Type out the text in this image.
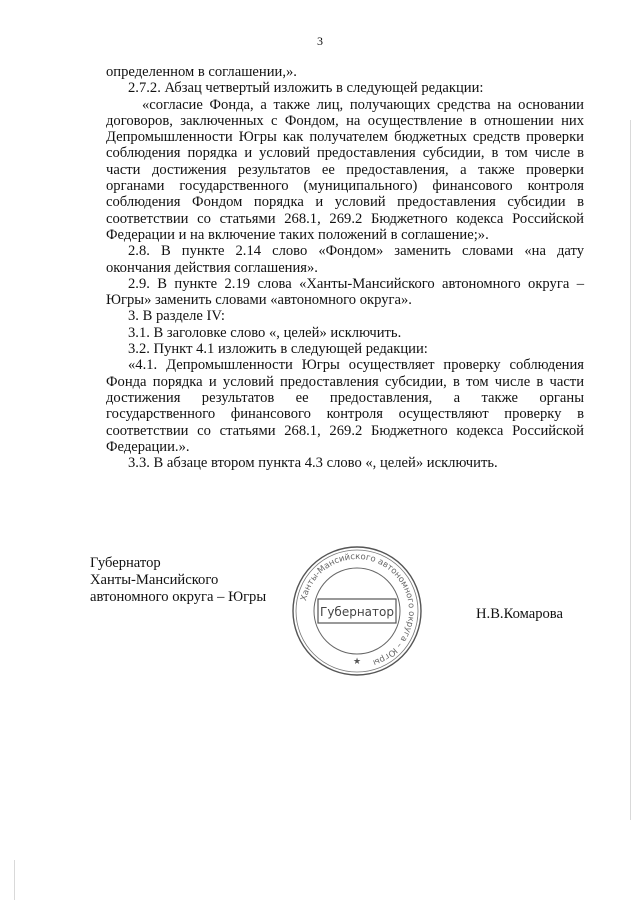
3

определенном в соглашении,».

2.7.2. Абзац четвертый изложить в следующей редакции:

«согласие Фонда, а также лиц, получающих средства на основании договоров, заключенных с Фондом, на осуществление в отношении них Депромышленности Югры как получателем бюджетных средств проверки соблюдения порядка и условий предоставления субсидии, в том числе в части достижения результатов ее предоставления, а также проверки органами государственного (муниципального) финансового контроля соблюдения Фондом порядка и условий предоставления субсидии в соответствии со статьями 268.1, 269.2 Бюджетного кодекса Российской Федерации и на включение таких положений в соглашение;».

2.8. В пункте 2.14 слово «Фондом» заменить словами «на дату окончания действия соглашения».

2.9. В пункте 2.19 слова «Ханты-Мансийского автономного округа – Югры» заменить словами «автономного округа».

3. В разделе IV:

3.1. В заголовке слово «, целей» исключить.

3.2. Пункт 4.1 изложить в следующей редакции:

«4.1. Депромышленности Югры осуществляет проверку соблюдения Фонда порядка и условий предоставления субсидии, в том числе в части достижения результатов ее предоставления, а также органы государственного финансового контроля осуществляют проверку в соответствии со статьями 268.1, 269.2 Бюджетного кодекса Российской Федерации.».

3.3. В абзаце втором пункта 4.3 слово «, целей» исключить.

Губернатор
Ханты-Мансийского
автономного округа – Югры	Ханты-Мансийского автономного округа – Югры
Губернатор
★
Н.В.Комарова
